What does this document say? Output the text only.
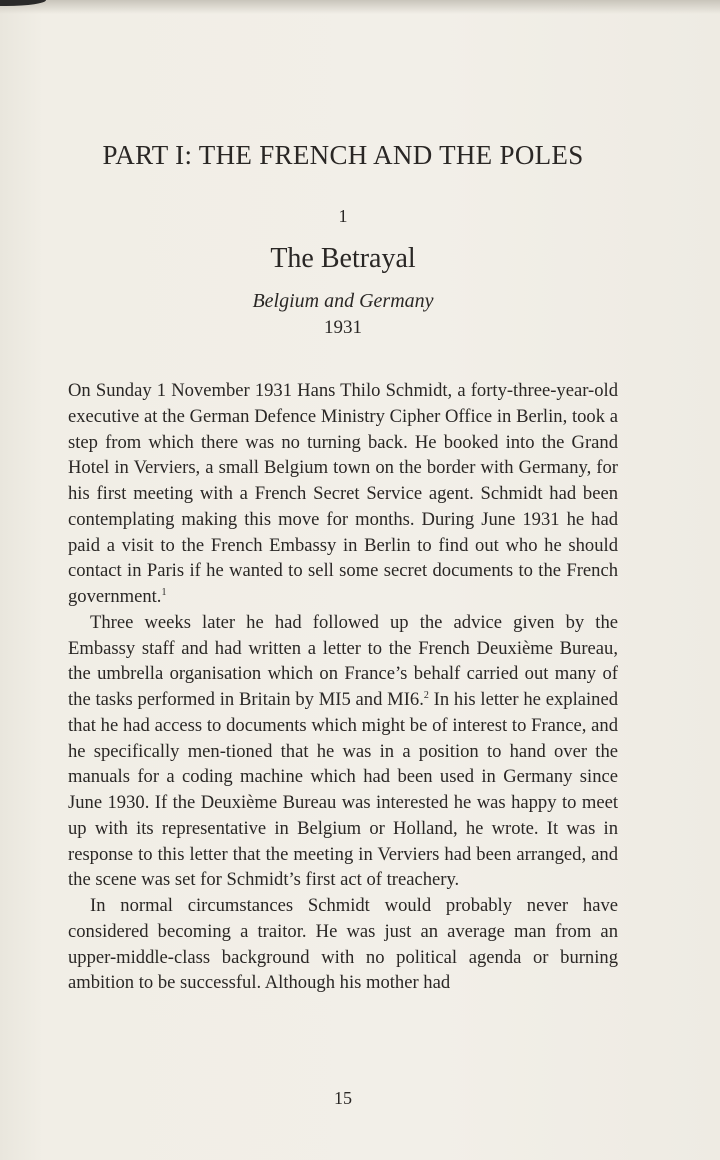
PART I: THE FRENCH AND THE POLES
1
The Betrayal
Belgium and Germany
1931

On Sunday 1 November 1931 Hans Thilo Schmidt, a forty-three-year-old executive at the German Defence Ministry Cipher Office in Berlin, took a step from which there was no turning back. He booked into the Grand Hotel in Verviers, a small Belgium town on the border with Germany, for his first meeting with a French Secret Service agent. Schmidt had been contemplating making this move for months. During June 1931 he had paid a visit to the French Embassy in Berlin to find out who he should contact in Paris if he wanted to sell some secret documents to the French government.$^1$

Three weeks later he had followed up the advice given by the Embassy staff and had written a letter to the French Deuxième Bureau, the umbrella organisation which on France’s behalf carried out many of the tasks performed in Britain by MI5 and MI6.$^2$ In his letter he explained that he had access to documents which might be of interest to France, and he specifically men-tioned that he was in a position to hand over the manuals for a coding machine which had been used in Germany since June 1930. If the Deuxième Bureau was interested he was happy to meet up with its representative in Belgium or Holland, he wrote. It was in response to this letter that the meeting in Verviers had been arranged, and the scene was set for Schmidt’s first act of treachery.

In normal circumstances Schmidt would probably never have considered becoming a traitor. He was just an average man from an upper-middle-class background with no political agenda or burning ambition to be successful. Although his mother had

15
